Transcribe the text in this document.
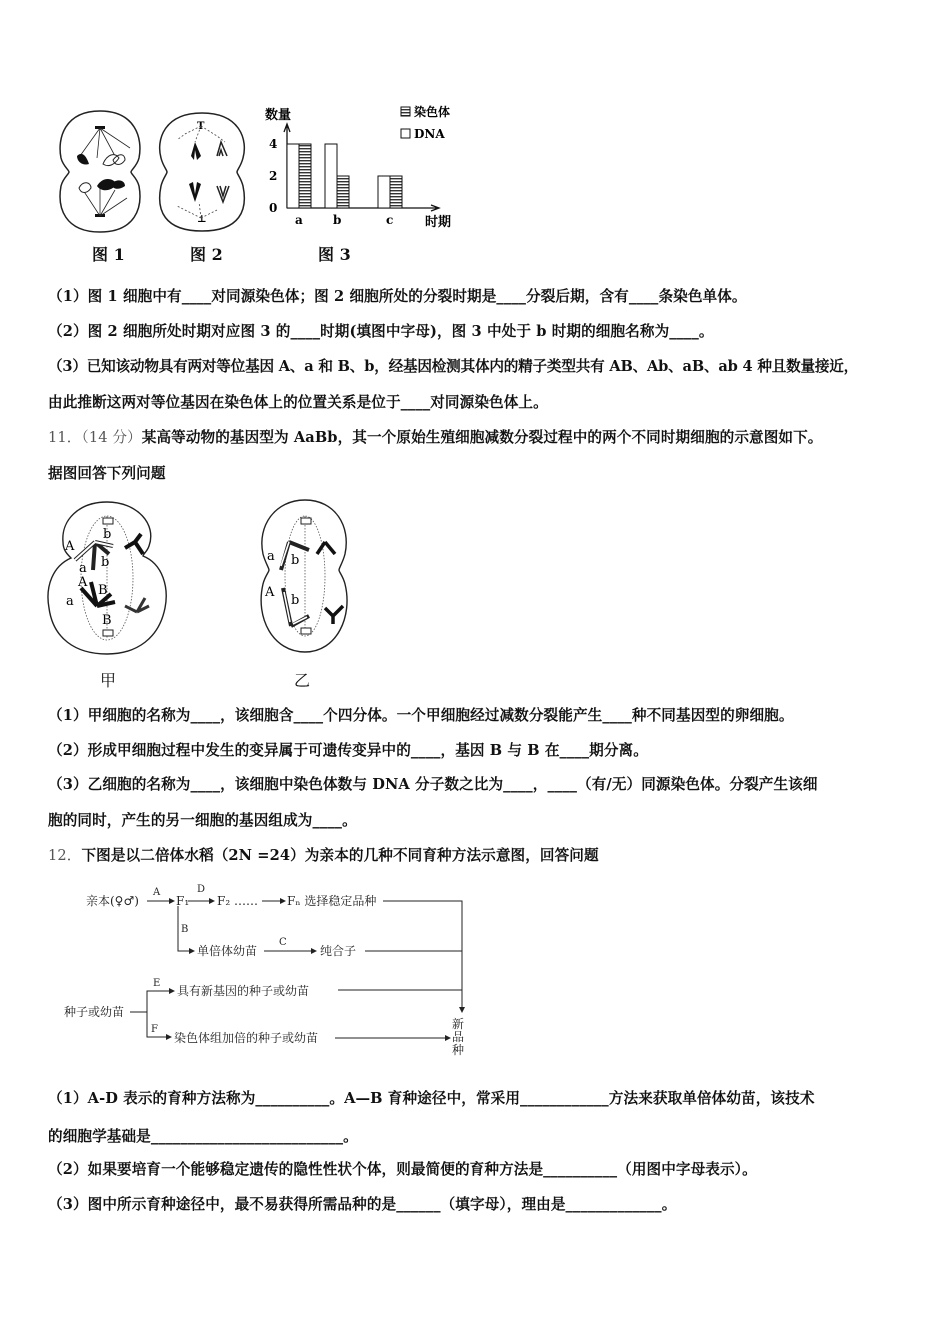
T
⊥
数量
0
2
4
a	b	c 时期
染色体
DNA
图 1	图 2	图 3
（1）图 1 细胞中有____对同源染色体；图 2 细胞所处的分裂时期是____分裂后期，含有____条染色单体。
（2）图 2 细胞所处时期对应图 3 的____时期(填图中字母)，图 3 中处于 b 时期的细胞名称为____。
（3）已知该动物具有两对等位基因 A、a 和 B、b，经基因检测其体内的精子类型共有 AB、Ab、aB、ab 4 种且数量接近，
由此推断这两对等位基因在染色体上的位置关系是位于____对同源染色体上。
11．（14 分）某高等动物的基因型为 AaBb，其一个原始生殖细胞减数分裂过程中的两个不同时期细胞的示意图如下。
据图回答下列问题
A
a
b
b
A
a
B
B
a b
A
b
甲	乙
（1）甲细胞的名称为____，该细胞含____个四分体。一个甲细胞经过减数分裂能产生____种不同基因型的卵细胞。
（2）形成甲细胞过程中发生的变异属于可遗传变异中的____，基因 B 与 B 在____期分离。
（3）乙细胞的名称为____，该细胞中染色体数与 DNA 分子数之比为____，____（有/无）同源染色体。分裂产生该细
胞的同时，产生的另一细胞的基因组成为____。
12．下图是以二倍体水稻（2N =24）为亲本的几种不同育种方法示意图，回答问题
亲本(♀♂)
A
F₁
D
F₂ …… Fₙ 选择稳定品种
B
单倍体幼苗
C
纯合子
种子或幼苗
E
具有新基因的种子或幼苗
F
染色体组加倍的种子或幼苗
新
品
种
（1）A-D 表示的育种方法称为__________。A—B 育种途径中，常采用____________方法来获取单倍体幼苗，该技术
的细胞学基础是__________________________。
（2）如果要培育一个能够稳定遗传的隐性性状个体，则最简便的育种方法是__________（用图中字母表示）。
（3）图中所示育种途径中，最不易获得所需品种的是______（填字母），理由是_____________。
